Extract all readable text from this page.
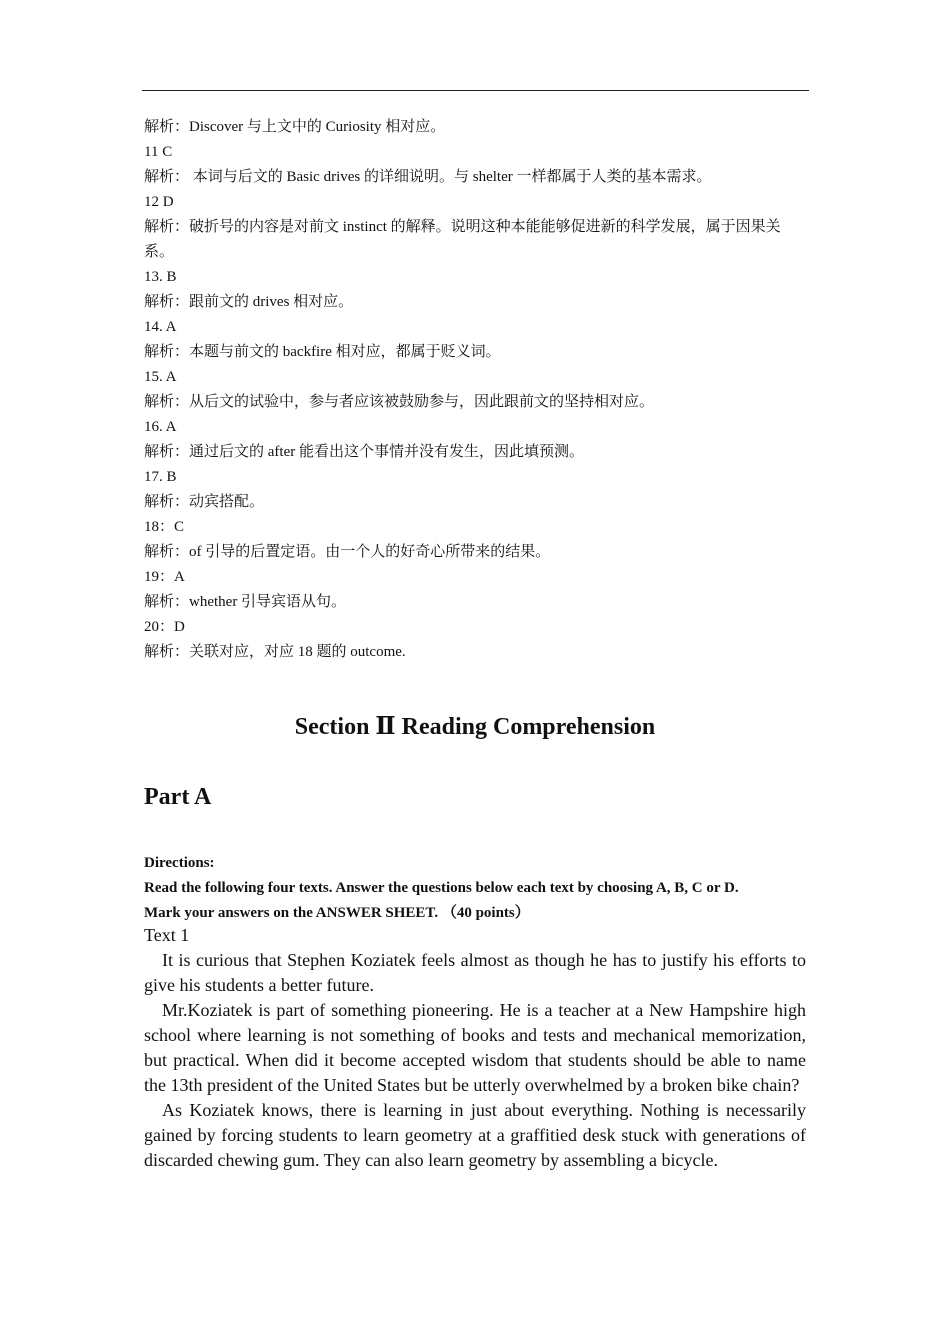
解析：Discover 与上文中的 Curiosity 相对应。

11 C

解析： 本词与后文的 Basic drives 的详细说明。与 shelter 一样都属于人类的基本需求。

12 D

解析：破折号的内容是对前文 instinct 的解释。说明这种本能能够促进新的科学发展，属于因果关系。

13. B

解析：跟前文的 drives 相对应。

14. A

解析：本题与前文的 backfire 相对应，都属于贬义词。

15. A

解析：从后文的试验中，参与者应该被鼓励参与，因此跟前文的坚持相对应。

16. A

解析：通过后文的 after 能看出这个事情并没有发生，因此填预测。

17. B

解析：动宾搭配。

18：C

解析：of 引导的后置定语。由一个人的好奇心所带来的结果。

19：A

解析：whether 引导宾语从句。

20：D

解析：关联对应，对应 18 题的 outcome.

Section Ⅱ Reading Comprehension
Part A

Directions:

Read the following four texts. Answer the questions below each text by choosing A, B, C or D.

Mark your answers on the ANSWER SHEET. （40 points）

Text 1

It is curious that Stephen Koziatek feels almost as though he has to justify his efforts to give his students a better future.

Mr.Koziatek is part of something pioneering. He is a teacher at a New Hampshire high school where learning is not something of books and tests and mechanical memorization, but practical. When did it become accepted wisdom that students should be able to name the 13th president of the United States but be utterly overwhelmed by a broken bike chain?

As Koziatek knows, there is learning in just about everything. Nothing is necessarily gained by forcing students to learn geometry at a graffitied desk stuck with generations of discarded chewing gum. They can also learn geometry by assembling a bicycle.
